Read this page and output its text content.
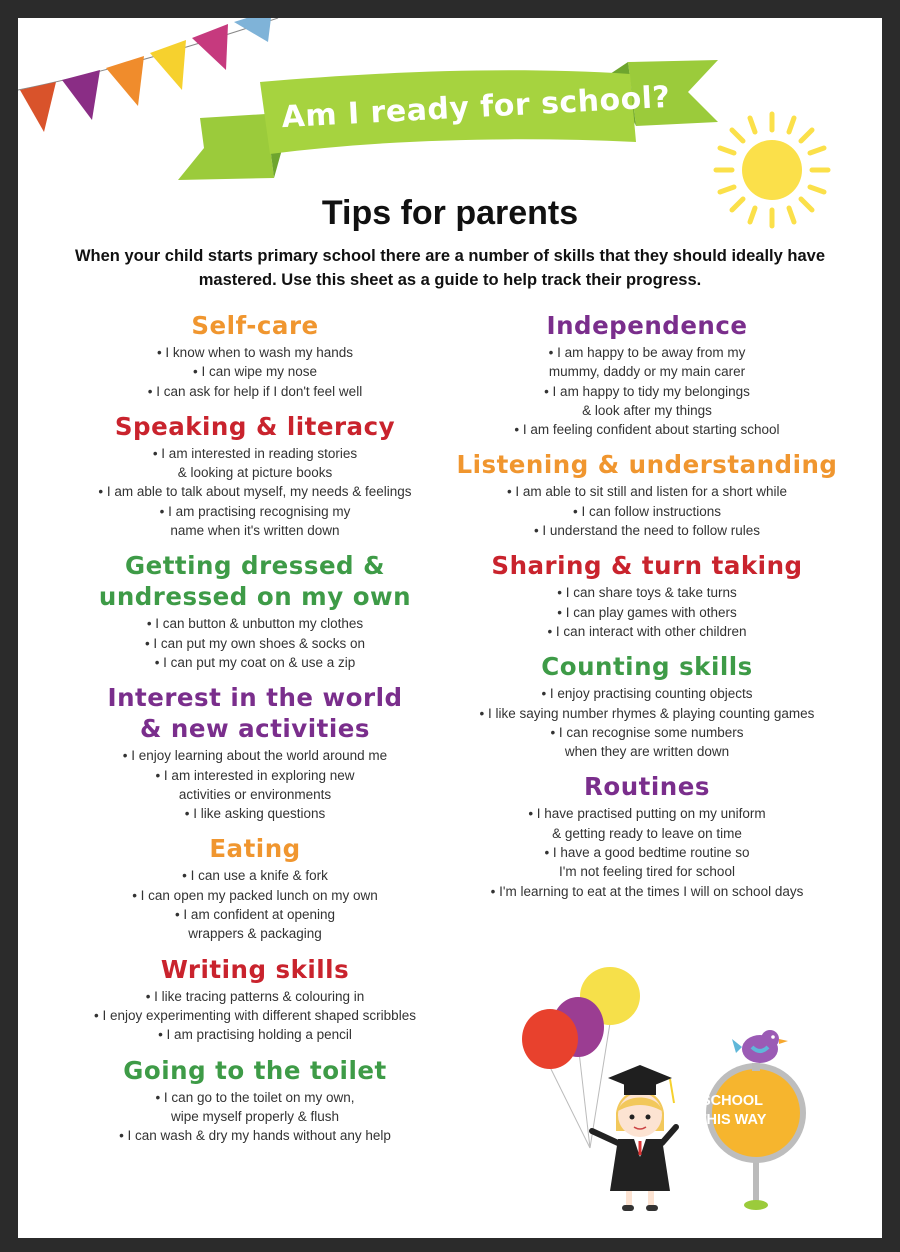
Am I ready for school?
Tips for parents
When your child starts primary school there are a number of skills that they should ideally have mastered. Use this sheet as a guide to help track their progress.
Self-care
• I know when to wash my hands
• I can wipe my nose
• I can ask for help if I don't feel well
Speaking & literacy
• I am interested in reading stories
& looking at picture books
• I am able to talk about myself, my needs & feelings
• I am practising recognising my
name when it's written down
Getting dressed &
undressed on my own
• I can button & unbutton my clothes
• I can put my own shoes & socks on
• I can put my coat on & use a zip
Interest in the world
& new activities
• I enjoy learning about the world around me
• I am interested in exploring new
activities or environments
• I like asking questions
Eating
• I can use a knife & fork
• I can open my packed lunch on my own
• I am confident at opening
wrappers & packaging
Writing skills
• I like tracing patterns & colouring in
• I enjoy experimenting with different shaped scribbles
• I am practising holding a pencil
Going to the toilet
• I can go to the toilet on my own,
wipe myself properly & flush
• I can wash & dry my hands without any help
Independence
• I am happy to be away from my
mummy, daddy or my main carer
• I am happy to tidy my belongings
& look after my things
• I am feeling confident about starting school
Listening & understanding
• I am able to sit still and listen for a short while
• I can follow instructions
• I understand the need to follow rules
Sharing & turn taking
• I can share toys & take turns
• I can play games with others
• I can interact with other children
Counting skills
• I enjoy practising counting objects
• I like saying number rhymes & playing counting games
• I can recognise some numbers
when they are written down
Routines
• I have practised putting on my uniform
& getting ready to leave on time
• I have a good bedtime routine so
I'm not feeling tired for school
• I'm learning to eat at the times I will on school days
SCHOOL
THIS WAY
